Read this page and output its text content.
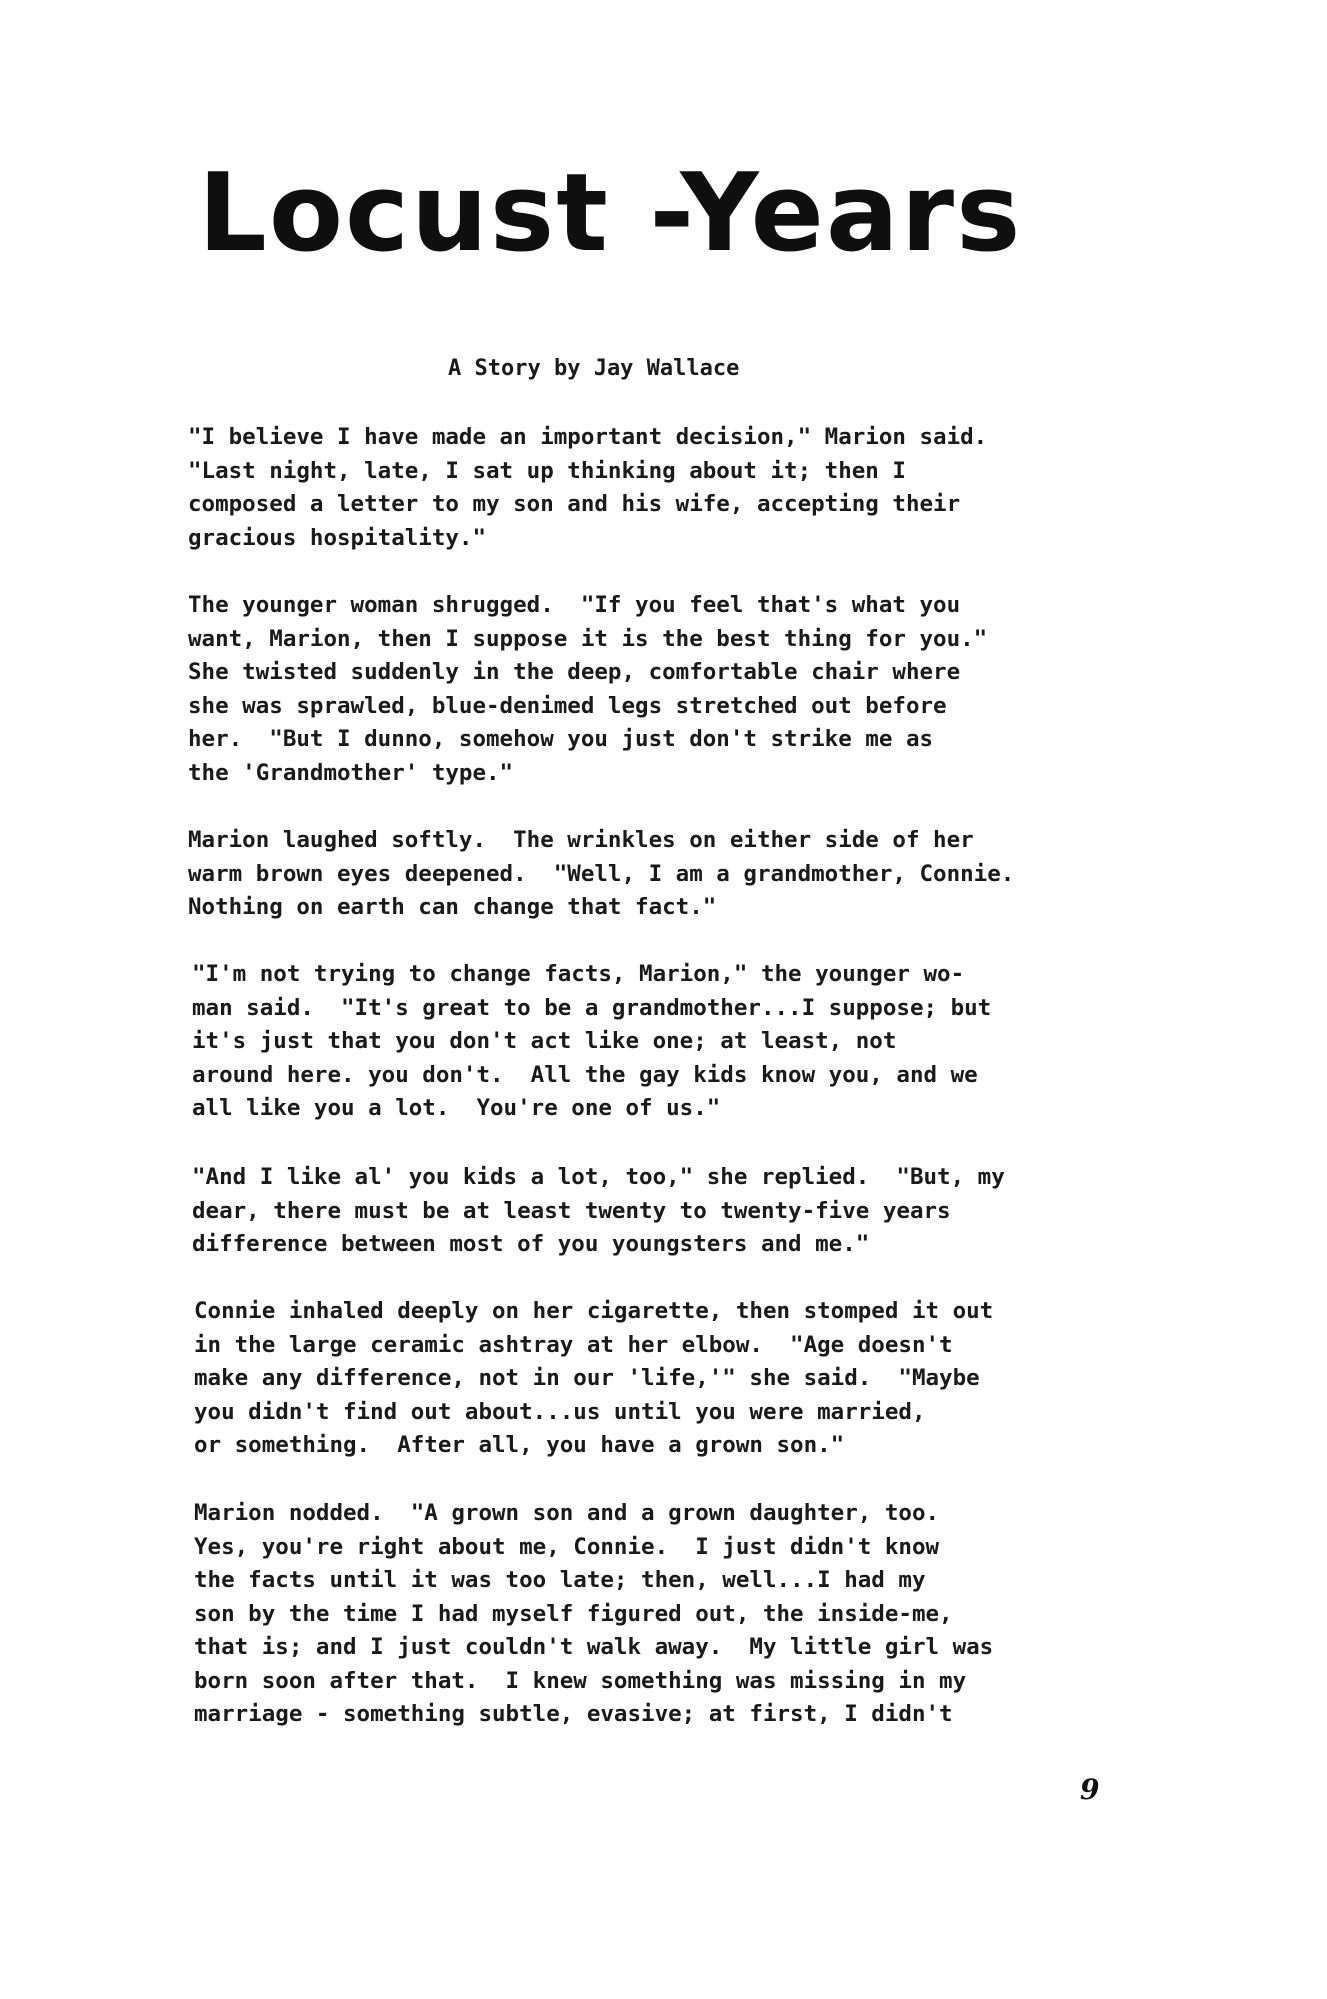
Locust -Years

A Story by Jay Wallace

"I believe I have made an important decision," Marion said.
"Last night, late, I sat up thinking about it; then I
composed a letter to my son and his wife, accepting their
gracious hospitality."
The younger woman shrugged.  "If you feel that's what you
want, Marion, then I suppose it is the best thing for you."
She twisted suddenly in the deep, comfortable chair where
she was sprawled, blue-denimed legs stretched out before
her.  "But I dunno, somehow you just don't strike me as
the 'Grandmother' type."
Marion laughed softly.  The wrinkles on either side of her
warm brown eyes deepened.  "Well, I am a grandmother, Connie.
Nothing on earth can change that fact."
"I'm not trying to change facts, Marion," the younger wo-
man said.  "It's great to be a grandmother...I suppose; but
it's just that you don't act like one; at least, not
around here. you don't.  All the gay kids know you, and we
all like you a lot.  You're one of us."
"And I like al' you kids a lot, too," she replied.  "But, my
dear, there must be at least twenty to twenty-five years
difference between most of you youngsters and me."
Connie inhaled deeply on her cigarette, then stomped it out
in the large ceramic ashtray at her elbow.  "Age doesn't
make any difference, not in our 'life,'" she said.  "Maybe
you didn't find out about...us until you were married,
or something.  After all, you have a grown son."
Marion nodded.  "A grown son and a grown daughter, too.
Yes, you're right about me, Connie.  I just didn't know
the facts until it was too late; then, well...I had my
son by the time I had myself figured out, the inside-me,
that is; and I just couldn't walk away.  My little girl was
born soon after that.  I knew something was missing in my
marriage - something subtle, evasive; at first, I didn't

9
